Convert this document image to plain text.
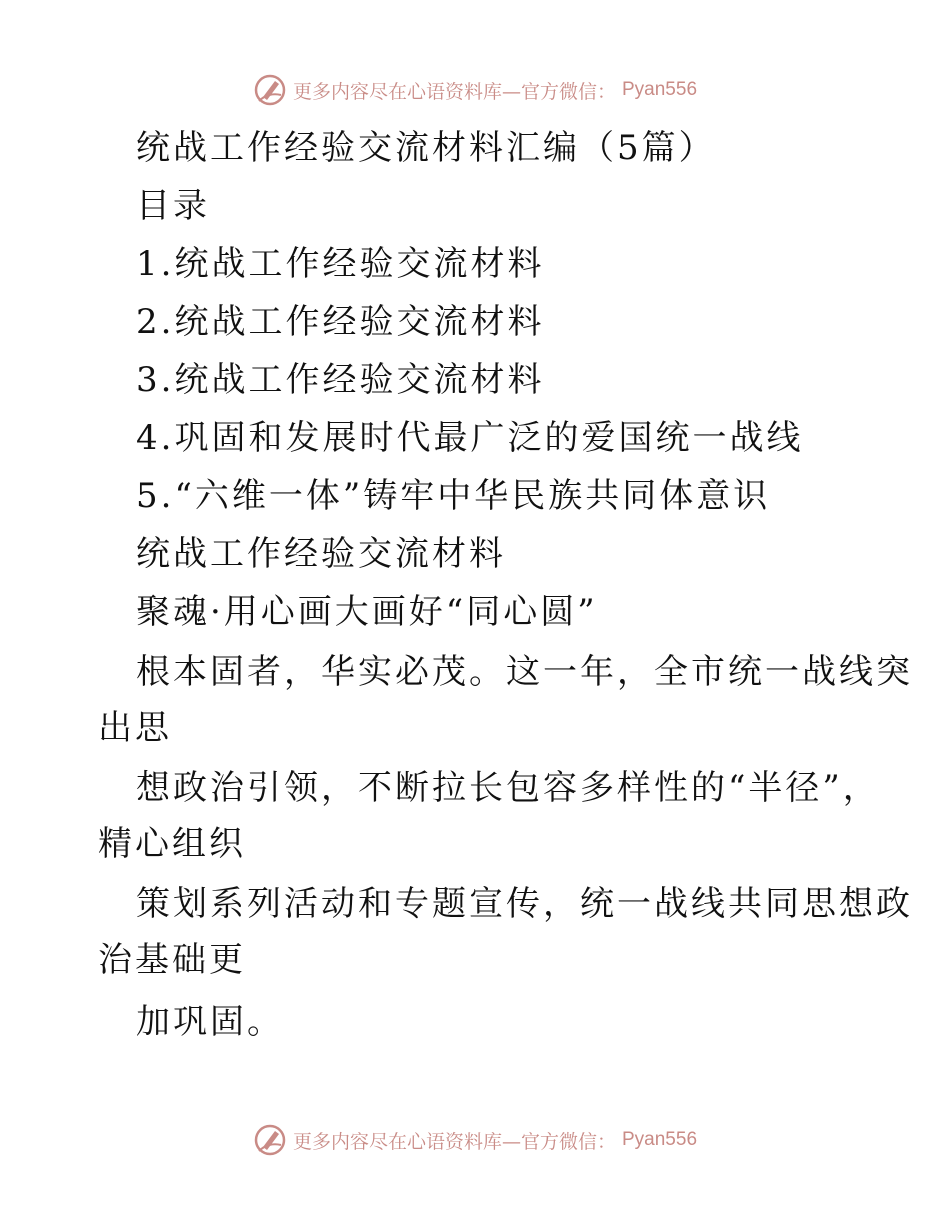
更多内容尽在心语资料库—官方微信： Pyan556
统战工作经验交流材料汇编（5篇）
目录
1.统战工作经验交流材料
2.统战工作经验交流材料
3.统战工作经验交流材料
4.巩固和发展时代最广泛的爱国统一战线
5.“六维一体”铸牢中华民族共同体意识
统战工作经验交流材料
聚魂·用心画大画好“同心圆”
根本固者，华实必茂。这一年，全市统一战线突
出思
想政治引领，不断拉长包容多样性的“半径”，
精心组织
策划系列活动和专题宣传，统一战线共同思想政
治基础更
加巩固。
更多内容尽在心语资料库—官方微信： Pyan556
